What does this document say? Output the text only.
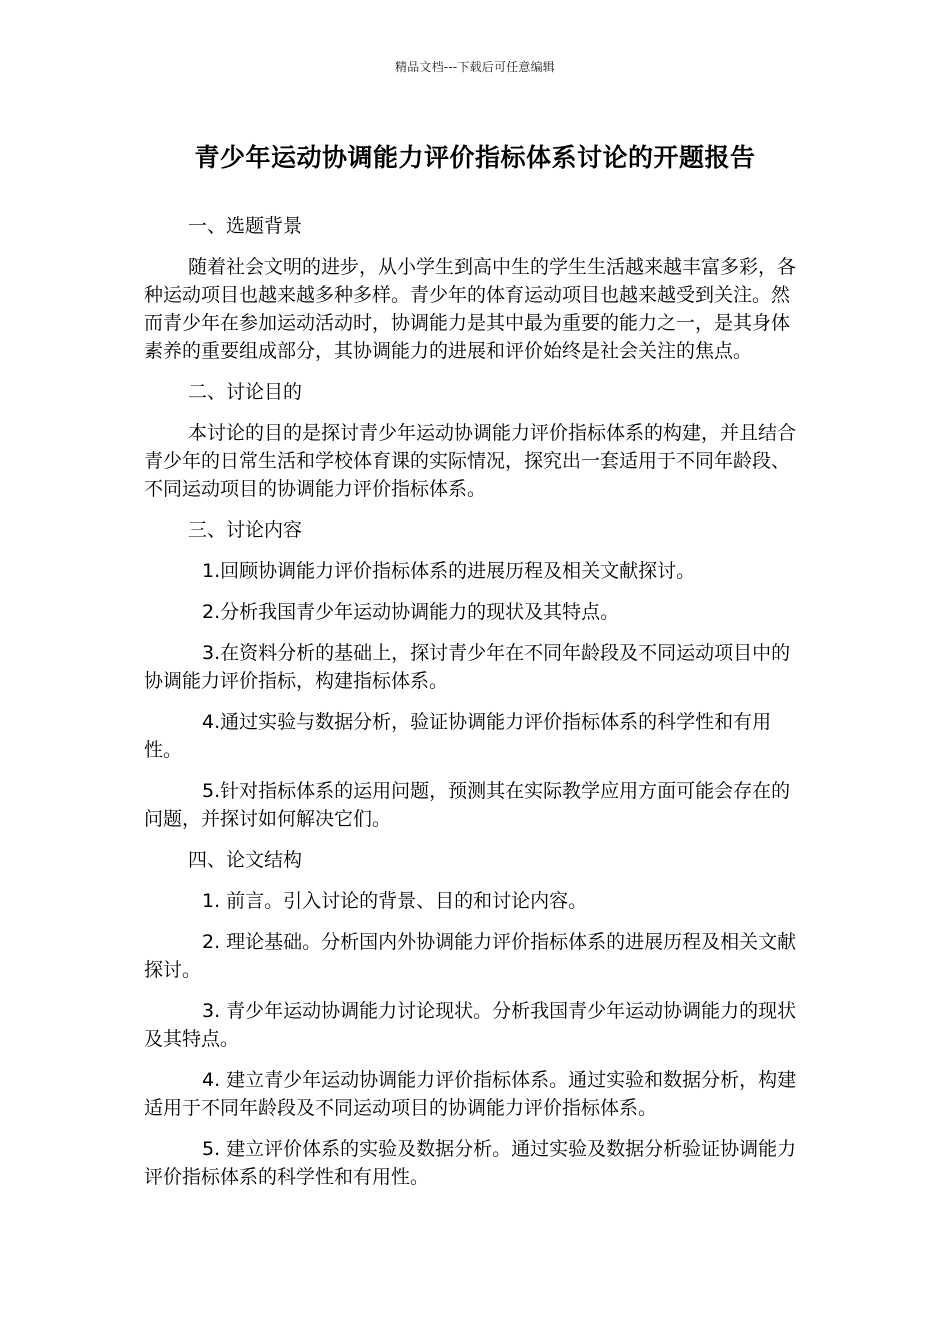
精品文档---下载后可任意编辑
青少年运动协调能力评价指标体系讨论的开题报告

一、选题背景

随着社会文明的进步，从小学生到高中生的学生生活越来越丰富多彩，各种运动项目也越来越多种多样。青少年的体育运动项目也越来越受到关注。然而青少年在参加运动活动时，协调能力是其中最为重要的能力之一，是其身体素养的重要组成部分，其协调能力的进展和评价始终是社会关注的焦点。

二、讨论目的

本讨论的目的是探讨青少年运动协调能力评价指标体系的构建，并且结合青少年的日常生活和学校体育课的实际情况，探究出一套适用于不同年龄段、不同运动项目的协调能力评价指标体系。

三、讨论内容

1.回顾协调能力评价指标体系的进展历程及相关文献探讨。

2.分析我国青少年运动协调能力的现状及其特点。

3.在资料分析的基础上，探讨青少年在不同年龄段及不同运动项目中的协调能力评价指标，构建指标体系。

4.通过实验与数据分析，验证协调能力评价指标体系的科学性和有用性。

5.针对指标体系的运用问题，预测其在实际教学应用方面可能会存在的问题，并探讨如何解决它们。

四、论文结构

1. 前言。引入讨论的背景、目的和讨论内容。

2. 理论基础。分析国内外协调能力评价指标体系的进展历程及相关文献探讨。

3. 青少年运动协调能力讨论现状。分析我国青少年运动协调能力的现状及其特点。

4. 建立青少年运动协调能力评价指标体系。通过实验和数据分析，构建适用于不同年龄段及不同运动项目的协调能力评价指标体系。

5. 建立评价体系的实验及数据分析。通过实验及数据分析验证协调能力评价指标体系的科学性和有用性。
